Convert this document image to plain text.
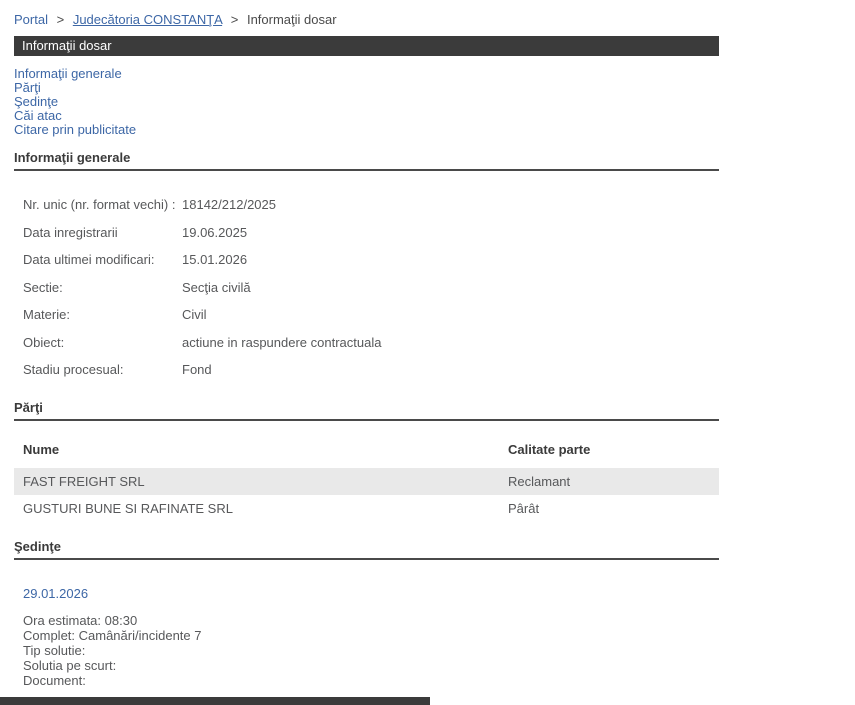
Portal > Judecătoria CONSTANŢA > Informaţii dosar
Informaţii dosar
Informaţii generale
Părţi
Şedinţe
Căi atac
Citare prin publicitate
Informaţii generale
Nr. unic (nr. format vechi) : 18142/212/2025
Data inregistrarii	19.06.2025
Data ultimei modificari:	15.01.2026
Sectie:	Secţia civilă
Materie:	Civil
Obiect:	actiune in raspundere contractuala
Stadiu procesual:	Fond
Părţi
Nume	Calitate parte
FAST FREIGHT SRL	Reclamant
GUSTURI BUNE SI RAFINATE SRL	Pârât
Şedinţe
29.01.2026
Ora estimata: 08:30
Complet: Camânări/incidente 7
Tip solutie:
Solutia pe scurt:
Document:
